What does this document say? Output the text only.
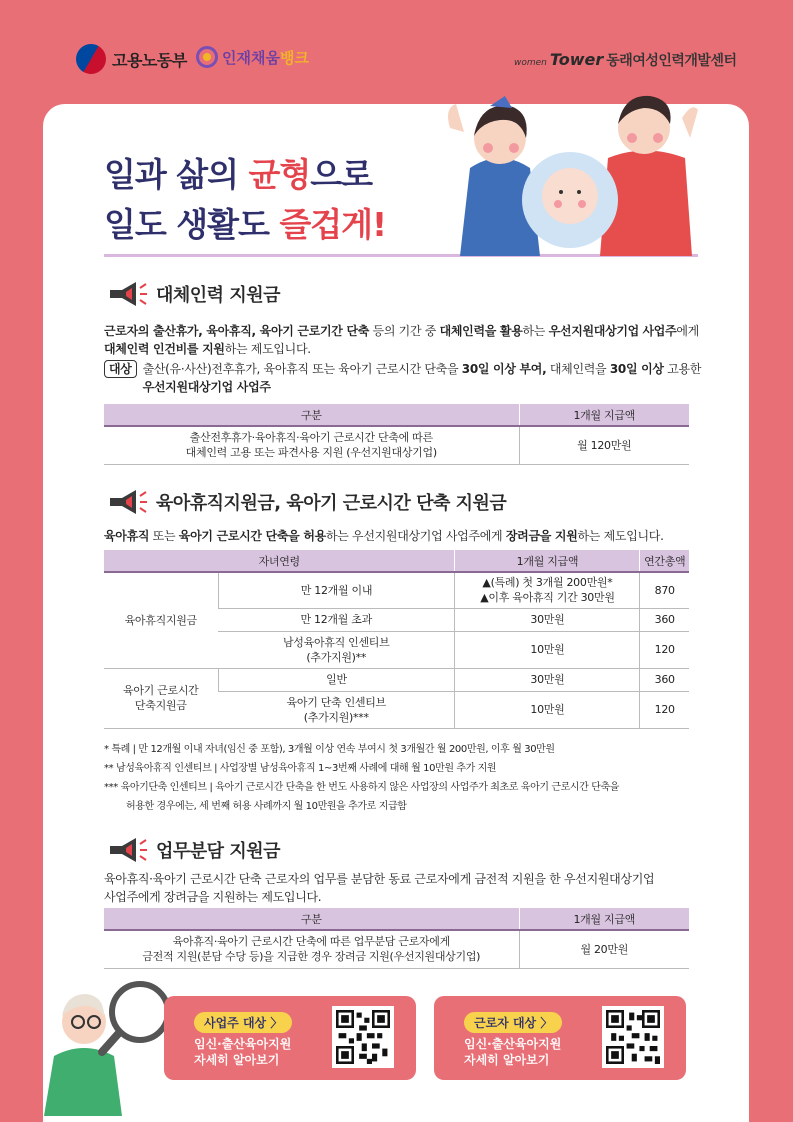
고용노동부 인재채움 뱅크	women Tower 동래여성인력개발센터
일과 삶의 균형으로
일도 생활도 즐겁게!
대체인력 지원금
근로자의 출산휴가, 육아휴직, 육아기 근로기간 단축 등의 기간 중 대체인력을 활용하는 우선지원대상기업 사업주에게 대체인력 인건비를 지원하는 제도입니다.
대상 출산(유·사산)전후휴가, 육아휴직 또는 육아기 근로시간 단축을 30일 이상 부여, 대체인력을 30일 이상 고용한 우선지원대상기업 사업주
구분	1개월 지급액
출산전후휴가·육아휴직·육아기 근로시간 단축에 따른
대체인력 고용 또는 파견사용 지원 (우선지원대상기업)	월 120만원
육아휴직지원금, 육아기 근로시간 단축 지원금
육아휴직 또는 육아기 근로시간 단축을 허용하는 우선지원대상기업 사업주에게 장려금을 지원하는 제도입니다.
자녀연령		1개월 지급액	연간총액
육아휴직지원금	만 12개월 이내	▲(특례) 첫 3개월 200만원*
▲이후 육아휴직 기간 30만원	870
	만 12개월 초과	30만원	360
	남성육아휴직 인센티브
(추가지원)**	10만원	120
육아기 근로시간
단축지원금	일반	30만원	360
	육아기 단축 인센티브
(추가지원)***	10만원	120
* 특례 | 만 12개월 이내 자녀(임신 중 포함), 3개월 이상 연속 부여시 첫 3개월간 월 200만원, 이후 월 30만원
** 남성육아휴직 인센티브 | 사업장별 남성육아휴직 1~3번째 사례에 대해 월 10만원 추가 지원
*** 육아기단축 인센티브 | 육아기 근로시간 단축을 한 번도 사용하지 않은 사업장의 사업주가 최초로 육아기 근로시간 단축을
허용한 경우에는, 세 번째 허용 사례까지 월 10만원을 추가로 지급함
업무분담 지원금
육아휴직·육아기 근로시간 단축 근로자의 업무를 분담한 동료 근로자에게 금전적 지원을 한 우선지원대상기업
사업주에게 장려금을 지원하는 제도입니다.
구분	1개월 지급액
육아휴직·육아기 근로시간 단축에 따른 업무분담 근로자에게
금전적 지원(분담 수당 등)을 지급한 경우 장려금 지원(우선지원대상기업)	월 20만원
사업주 대상 〉
임신·출산육아지원
자세히 알아보기
근로자 대상 〉
임신·출산육아지원
자세히 알아보기
